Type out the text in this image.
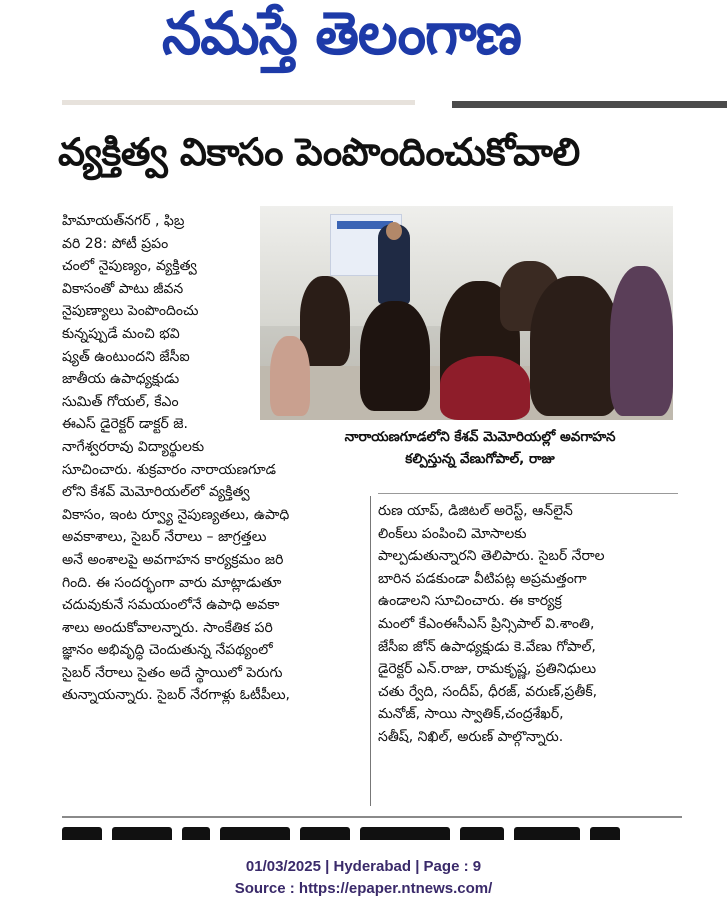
నమస్తే తెలంగాణ
వ్యక్తిత్వ వికాసం పెంపొందించుకోవాలి
నారాయణగూడలోని కేశవ్ మెమోరియల్లో అవగాహన
కల్పిస్తున్న వేణుగోపాల్, రాజు

హిమాయత్‌నగర్ , ఫిబ్ర

వరి 28: పోటీ ప్రపం

చంలో నైపుణ్యం, వ్యక్తిత్వ

వికాసంతో పాటు జీవన

నైపుణ్యాలు పెంపొందించు

కున్నప్పుడే మంచి భవి

ష్యత్ ఉంటుందని జేసీఐ

జాతీయ ఉపాధ్యక్షుడు

సుమిత్ గోయల్, కేఎం

ఈఎస్ డైరెక్టర్ డాక్టర్ జె.

నాగేశ్వరరావు విద్యార్థులకు

సూచించారు. శుక్రవారం నారాయణగూడ

లోని కేశవ్ మెమోరియల్‌లో వ్యక్తిత్వ

వికాసం, ఇంట ర్వ్యూ నైపుణ్యతలు, ఉపాధి

అవకాశాలు, సైబర్ నేరాలు – జాగ్రత్తలు

అనే అంశాలపై అవగాహన కార్యక్రమం జరి

గింది. ఈ సందర్భంగా వారు మాట్లాడుతూ

చదువుకునే సమయంలోనే ఉపాధి అవకా

శాలు అందుకోవాలన్నారు. సాంకేతిక పరి

జ్ఞానం అభివృద్ధి చెందుతున్న నేపథ్యంలో

సైబర్ నేరాలు సైతం అదే స్థాయిలో పెరుగు

తున్నాయన్నారు. సైబర్ నేరగాళ్లు ఓటీపీలు,

రుణ యాప్, డిజిటల్ అరెస్ట్, ఆన్‌లైన్

లింక్‌లు పంపించి మోసాలకు

పాల్పడుతున్నారని తెలిపారు. సైబర్ నేరాల

బారిన పడకుండా వీటిపట్ల అప్రమత్తంగా

ఉండాలని సూచించారు. ఈ కార్యక్ర

మంలో కేఎంఈసీఎస్ ప్రిన్సిపాల్ వి.శాంతి,

జేసీఐ జోన్ ఉపాధ్యక్షుడు కె.వేణు గోపాల్,

డైరెక్టర్ ఎన్.రాజు, రామకృష్ణ, ప్రతినిధులు

చతు ర్వేది, సందీప్, ధీరజ్, వరుణ్,ప్రతీక్,

మనోజ్, సాయి స్వాతిక్,చంద్రశేఖర్,

సతీష్, నిఖిల్, అరుణ్ పాల్గొన్నారు.

01/03/2025 | Hyderabad | Page : 9
Source : https://epaper.ntnews.com/
